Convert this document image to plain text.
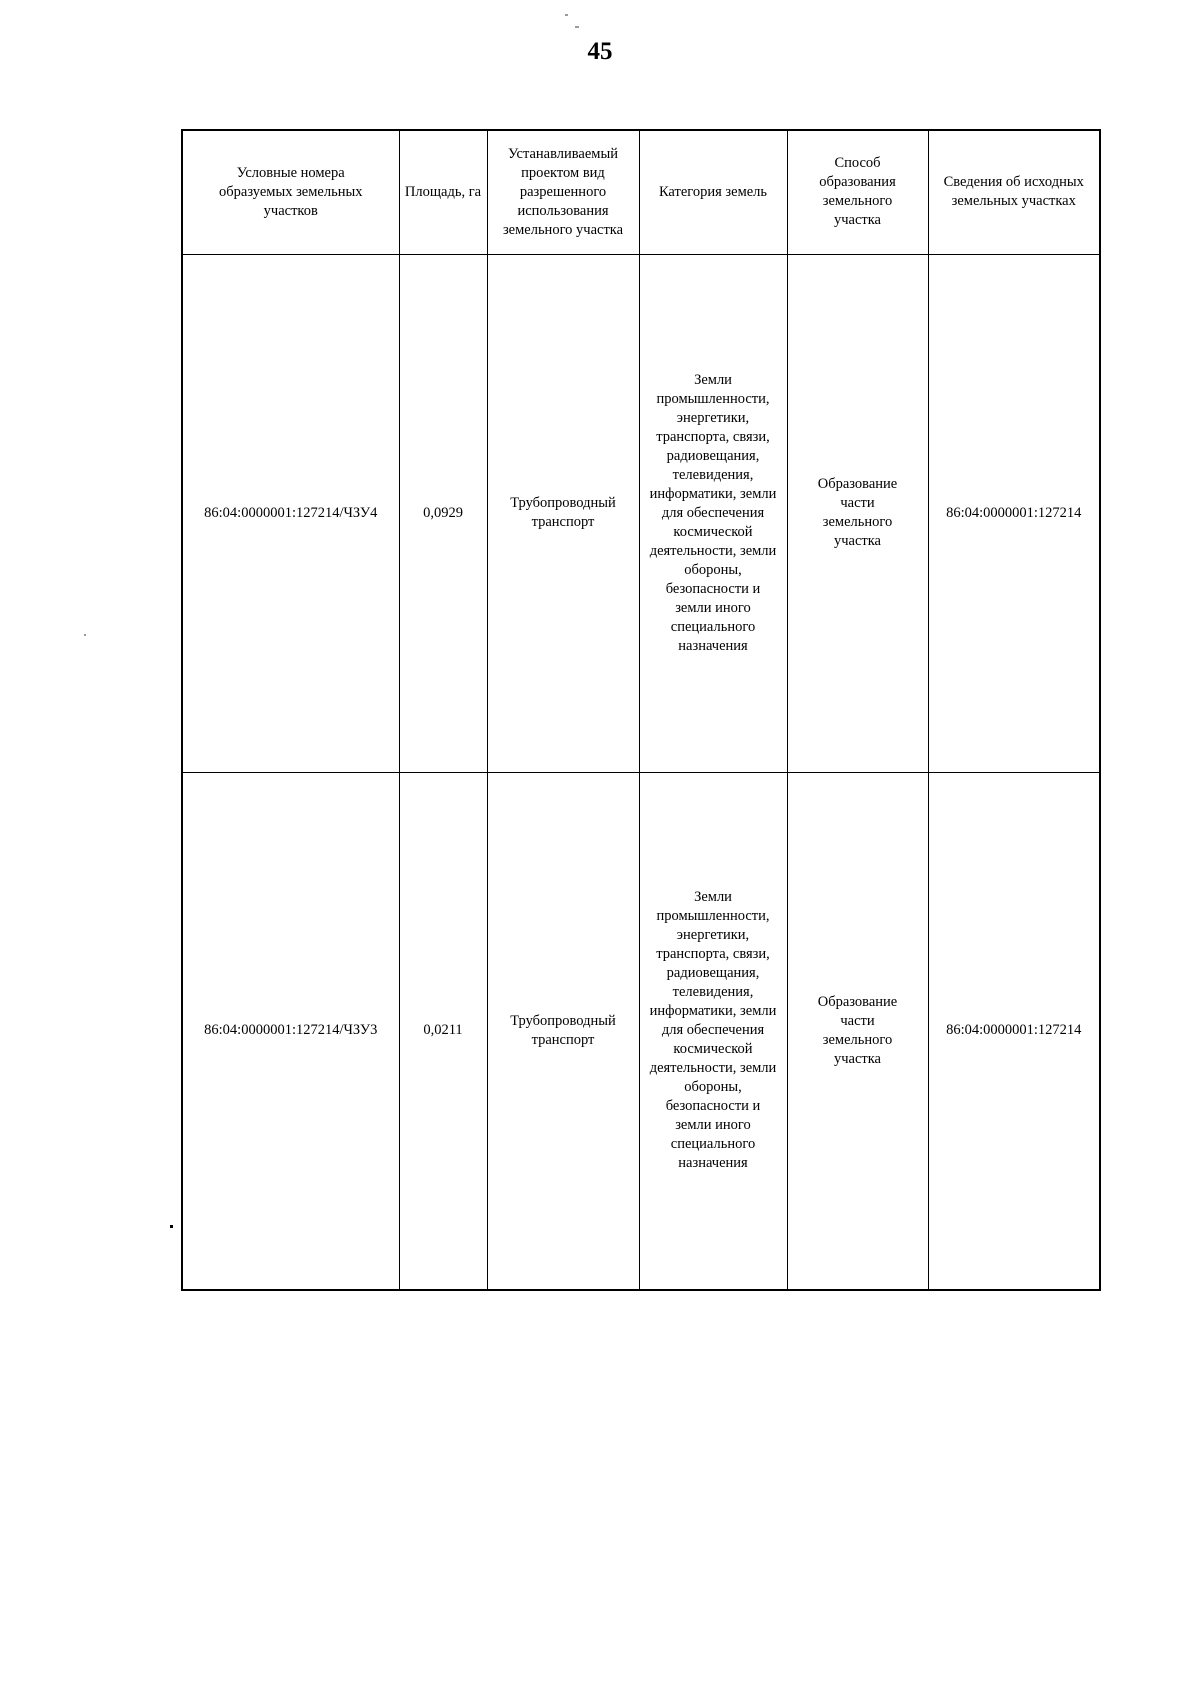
45
Условные номера образуемых земельных участков	Площадь, га	Устанавливаемый проектом вид разрешенного использования земельного участка	Категория земель	Способ образования земельного участка	Сведения об исходных земельных участках

86:04:0000001:127214/ЧЗУ4	0,0929	Трубопроводный транспорт	Земли промышленности, энергетики, транспорта, связи, радиовещания, телевидения, информатики, земли для обеспечения космической деятельности, земли обороны, безопасности и земли иного специального назначения	Образование части земельного участка	86:04:0000001:127214

86:04:0000001:127214/ЧЗУ3	0,0211	Трубопроводный транспорт	Земли промышленности, энергетики, транспорта, связи, радиовещания, телевидения, информатики, земли для обеспечения космической деятельности, земли обороны, безопасности и земли иного специального назначения	Образование части земельного участка	86:04:0000001:127214
